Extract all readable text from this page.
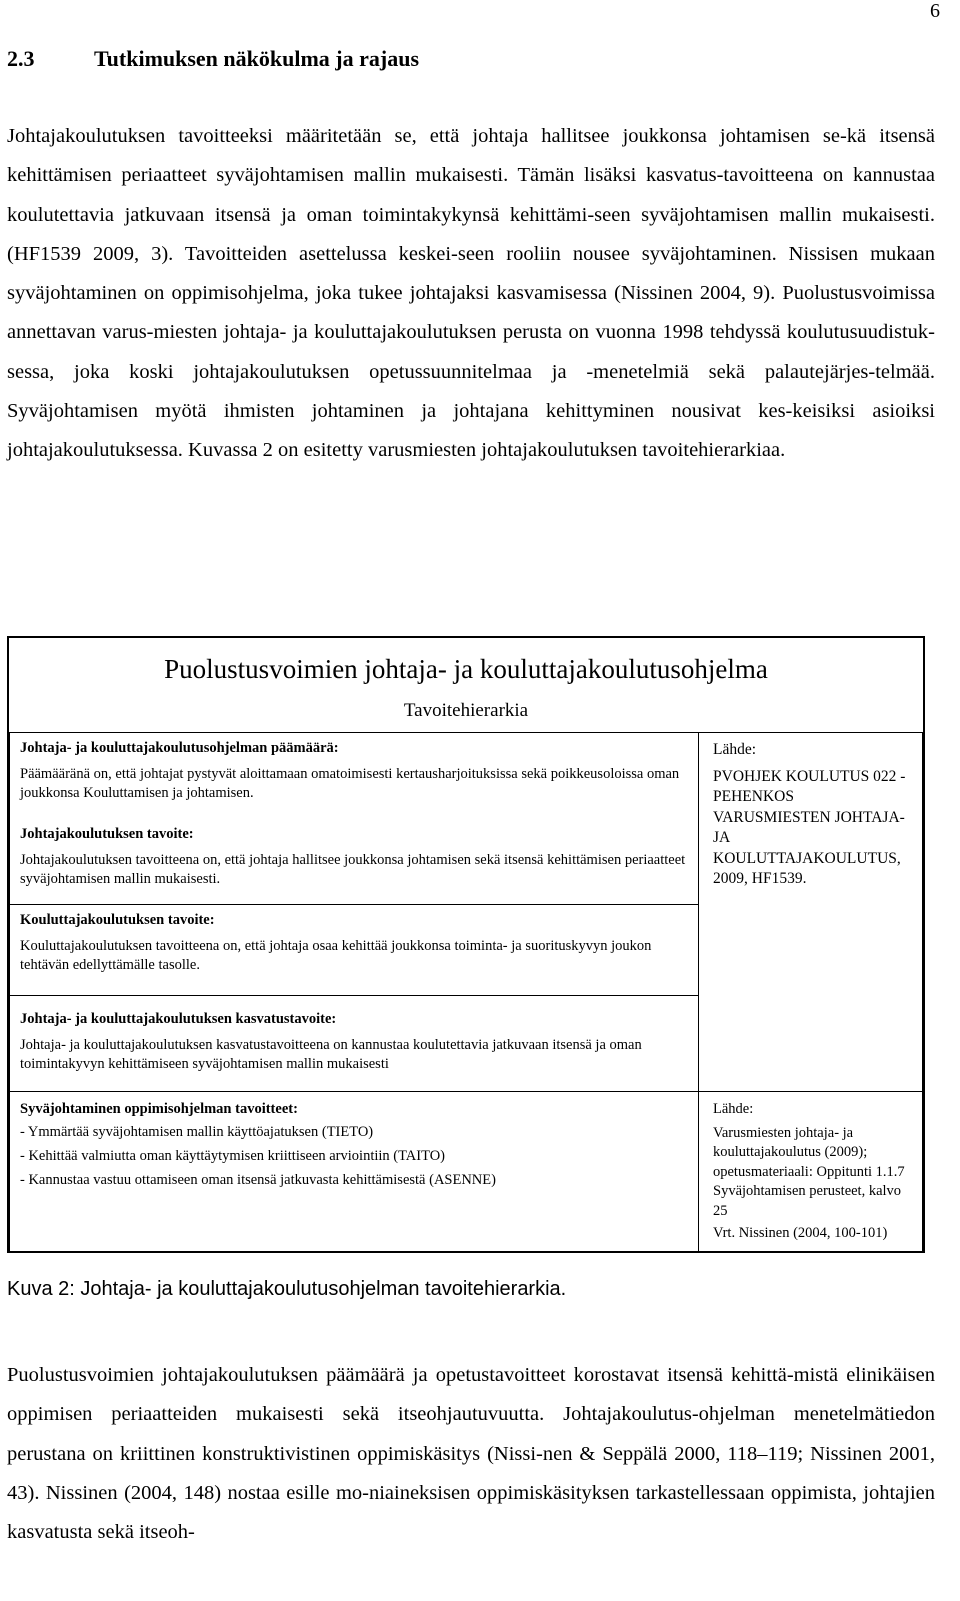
6
2.3	Tutkimuksen näkökulma ja rajaus

Johtajakoulutuksen tavoitteeksi määritetään se, että johtaja hallitsee joukkonsa johtamisen se-kä itsensä kehittämisen periaatteet syväjohtamisen mallin mukaisesti. Tämän lisäksi kasvatus-tavoitteena on kannustaa koulutettavia jatkuvaan itsensä ja oman toimintakykynsä kehittämi-seen syväjohtamisen mallin mukaisesti. (HF1539 2009, 3). Tavoitteiden asettelussa keskei-seen rooliin nousee syväjohtaminen. Nissisen mukaan syväjohtaminen on oppimisohjelma, joka tukee johtajaksi kasvamisessa (Nissinen 2004, 9). Puolustusvoimissa annettavan varus-miesten johtaja- ja kouluttajakoulutuksen perusta on vuonna 1998 tehdyssä koulutusuudistuk-sessa, joka koski johtajakoulutuksen opetussuunnitelmaa ja -menetelmiä sekä palautejärjes-telmää. Syväjohtamisen myötä ihmisten johtaminen ja johtajana kehittyminen nousivat kes-keisiksi asioiksi johtajakoulutuksessa. Kuvassa 2 on esitetty varusmiesten johtajakoulutuksen tavoitehierarkiaa.

Puolustusvoimien johtaja- ja kouluttajakoulutusohjelma
Tavoitehierarkia
Johtaja- ja kouluttajakoulutusohjelman päämäärä:

Päämääränä on, että johtajat pystyvät aloittamaan omatoimisesti kertausharjoituksissa sekä poikkeusoloissa oman joukkonsa Kouluttamisen ja johtamisen.

Johtajakoulutuksen tavoite:

Johtajakoulutuksen tavoitteena on, että johtaja hallitsee joukkonsa johtamisen sekä itsensä kehittämisen periaatteet syväjohtamisen mallin mukaisesti.

Lähde:

PVOHJEK KOULUTUS 022 - PEHENKOS VARUSMIESTEN JOHTAJA- JA KOULUTTAJAKOULUTUS, 2009, HF1539.

Kouluttajakoulutuksen tavoite:

Kouluttajakoulutuksen tavoitteena on, että johtaja osaa kehittää joukkonsa toiminta- ja suorituskyvyn joukon tehtävän edellyttämälle tasolle.

Johtaja- ja kouluttajakoulutuksen kasvatustavoite:

Johtaja- ja kouluttajakoulutuksen kasvatustavoitteena on kannustaa koulutettavia jatkuvaan itsensä ja oman toimintakyvyn kehittämiseen syväjohtamisen mallin mukaisesti

Syväjohtaminen oppimisohjelman tavoitteet:

- Ymmärtää syväjohtamisen mallin käyttöajatuksen (TIETO)

- Kehittää valmiutta oman käyttäytymisen kriittiseen arviointiin (TAITO)

- Kannustaa vastuu ottamiseen oman itsensä jatkuvasta kehittämisestä (ASENNE)

Lähde:

Varusmiesten johtaja- ja kouluttajakoulutus (2009); opetusmateriaali: Oppitunti 1.1.7 Syväjohtamisen perusteet, kalvo 25

Vrt. Nissinen (2004, 100-101)

Kuva 2: Johtaja- ja kouluttajakoulutusohjelman tavoitehierarkia.

Puolustusvoimien johtajakoulutuksen päämäärä ja opetustavoitteet korostavat itsensä kehittä-mistä elinikäisen oppimisen periaatteiden mukaisesti sekä itseohjautuvuutta. Johtajakoulutus-ohjelman menetelmätiedon perustana on kriittinen konstruktivistinen oppimiskäsitys (Nissi-nen & Seppälä 2000, 118–119; Nissinen 2001, 43). Nissinen (2004, 148) nostaa esille mo-niaineksisen oppimiskäsityksen tarkastellessaan oppimista, johtajien kasvatusta sekä itseoh-
